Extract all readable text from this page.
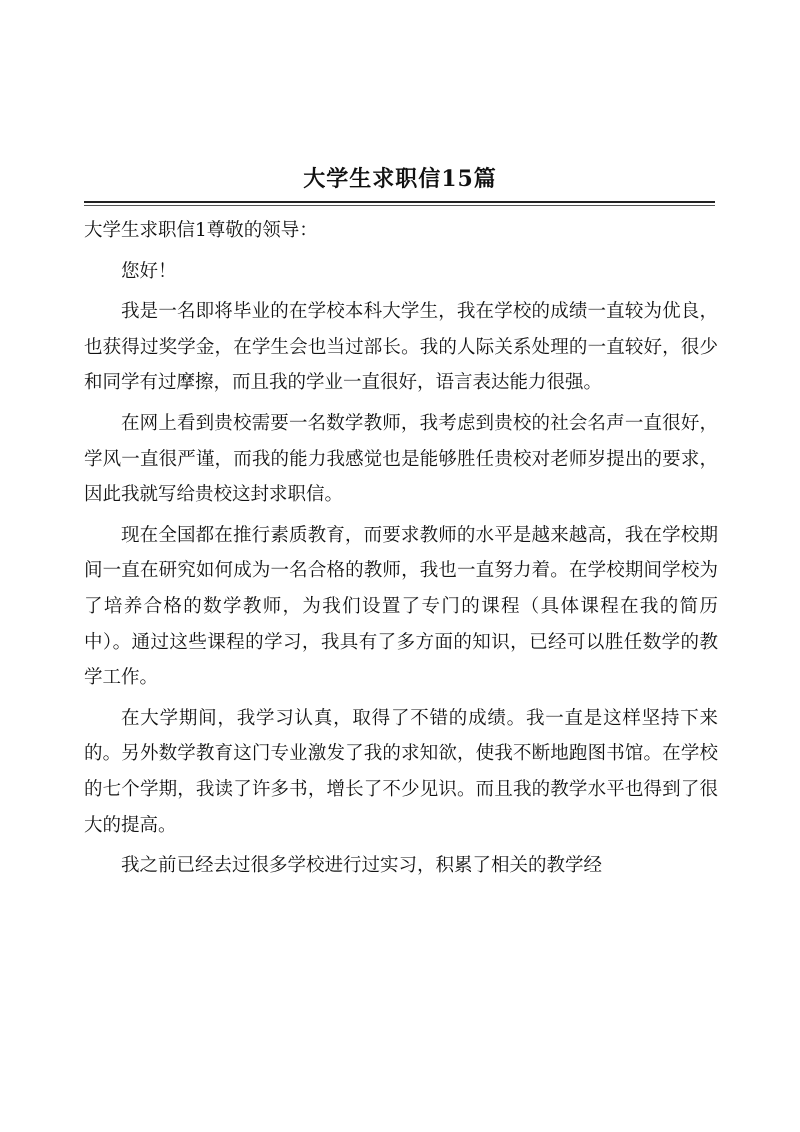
大学生求职信15篇

大学生求职信1尊敬的领导：

您好！

我是一名即将毕业的在学校本科大学生，我在学校的成绩一直较为优良，也获得过奖学金，在学生会也当过部长。我的人际关系处理的一直较好，很少和同学有过摩擦，而且我的学业一直很好，语言表达能力很强。

在网上看到贵校需要一名数学教师，我考虑到贵校的社会名声一直很好，学风一直很严谨，而我的能力我感觉也是能够胜任贵校对老师岁提出的要求，因此我就写给贵校这封求职信。

现在全国都在推行素质教育，而要求教师的水平是越来越高，我在学校期间一直在研究如何成为一名合格的教师，我也一直努力着。在学校期间学校为了培养合格的数学教师，为我们设置了专门的课程（具体课程在我的简历中）。通过这些课程的学习，我具有了多方面的知识，已经可以胜任数学的教学工作。

在大学期间，我学习认真，取得了不错的成绩。我一直是这样坚持下来的。另外数学教育这门专业激发了我的求知欲，使我不断地跑图书馆。在学校的七个学期，我读了许多书，增长了不少见识。而且我的教学水平也得到了很大的提高。

我之前已经去过很多学校进行过实习，积累了相关的教学经
